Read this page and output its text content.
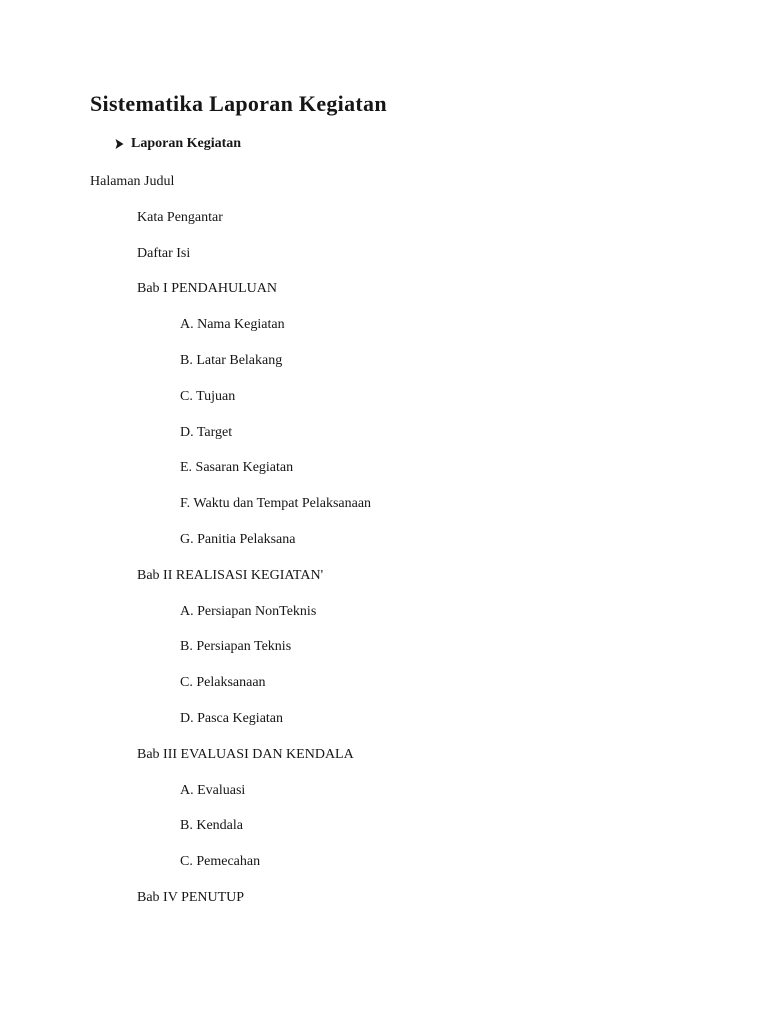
Sistematika Laporan Kegiatan
Laporan Kegiatan
Halaman Judul
Kata Pengantar
Daftar Isi
Bab I PENDAHULUAN
A. Nama Kegiatan
B. Latar Belakang
C. Tujuan
D. Target
E. Sasaran Kegiatan
F. Waktu dan Tempat Pelaksanaan
G. Panitia Pelaksana
Bab II REALISASI KEGIATAN'
A. Persiapan NonTeknis
B. Persiapan Teknis
C. Pelaksanaan
D. Pasca Kegiatan
Bab III EVALUASI DAN KENDALA
A. Evaluasi
B. Kendala
C. Pemecahan
Bab IV PENUTUP
